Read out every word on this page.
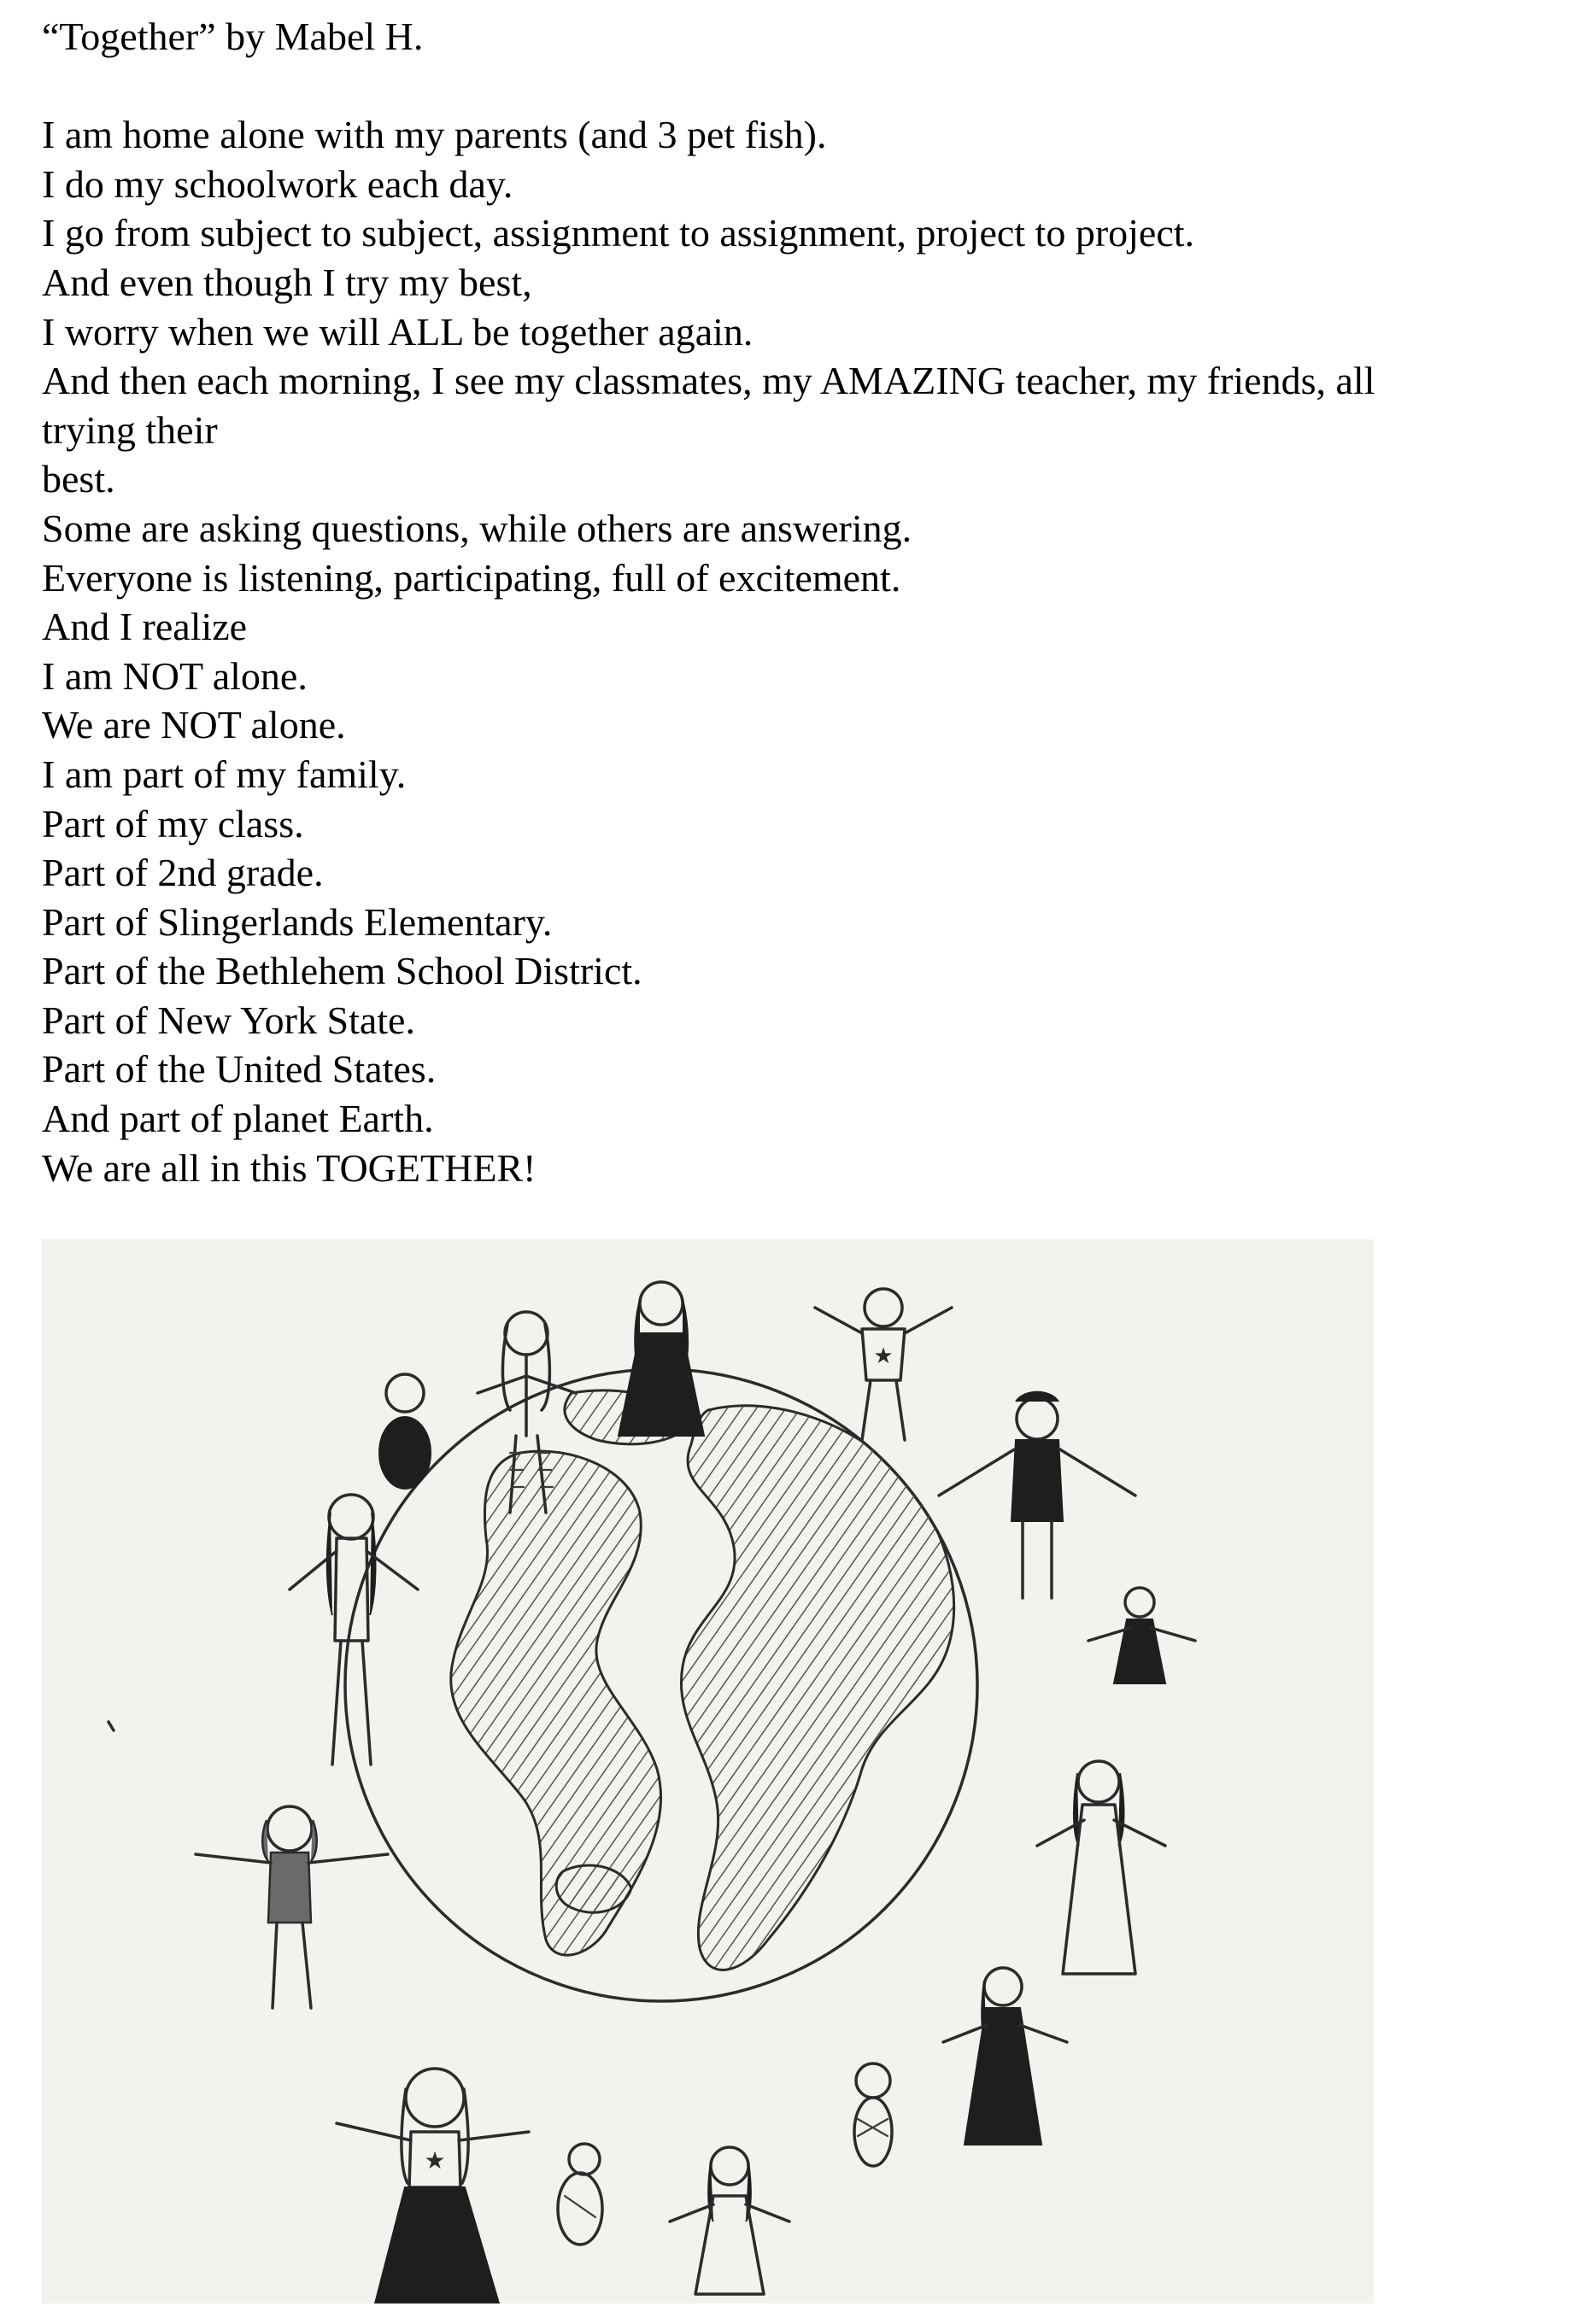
“Together” by Mabel H.
I am home alone with my parents (and 3 pet fish).
I do my schoolwork each day.
I go from subject to subject, assignment to assignment, project to project.
And even though I try my best,
I worry when we will ALL be together again.
And then each morning, I see my classmates, my AMAZING teacher, my friends, all
trying their
best.
Some are asking questions, while others are answering.
Everyone is listening, participating, full of excitement.
And I realize
I am NOT alone.
We are NOT alone.
I am part of my family.
Part of my class.
Part of 2nd grade.
Part of Slingerlands Elementary.
Part of the Bethlehem School District.
Part of New York State.
Part of the United States.
And part of planet Earth.
We are all in this TOGETHER!
★
★
